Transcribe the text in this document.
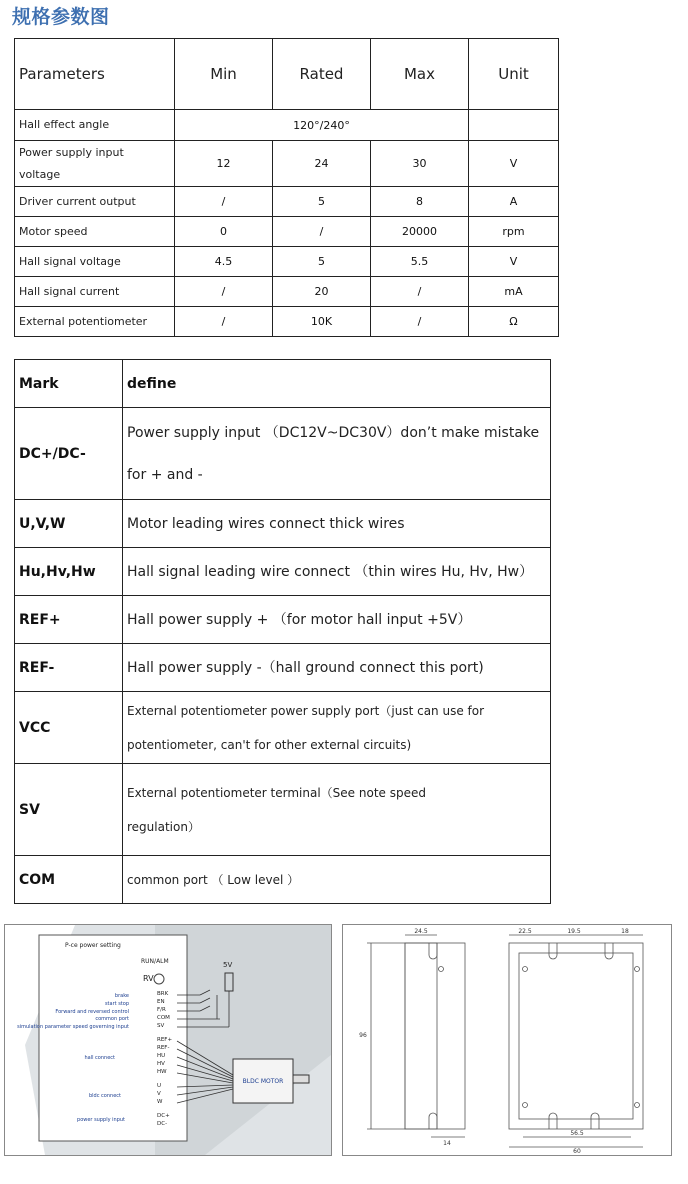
规格参数图
Parameters	Min	Rated	Max	Unit
Hall effect angle	120°/240°			

Power supply input
voltage	12	24	30	V
Driver current output	/	5	8	A
Motor speed	0	/	20000	rpm
Hall signal voltage	4.5	5	5.5	V
Hall signal current	/	20	/	mA
External potentiometer	/	10K	/	Ω
Mark	define
DC+/DC-	Power supply input （DC12V~DC30V）don’t make mistake
for + and -

U,V,W	Motor leading wires connect thick wires
Hu,Hv,Hw	Hall signal leading wire connect （thin wires Hu, Hv, Hw）
REF+	Hall power supply + （for motor hall input +5V）
REF-	Hall power supply -（hall ground connect this port)
VCC	External potentiometer power supply port（just can use for
potentiometer, can't for other external circuits)

SV	External potentiometer terminal（See note speed
regulation）

COM	common port （ Low level ）
P-ce power setting
RUN/ALM
RV
BRK
EN
F/R
COM
SV
REF+
REF-
HU
HV
HW
U
V
W
DC+
DC-
brake
start stop
Forward and reversed control
common port
simulation parameter speed governing input
hall connect
bldc connect
power supply input
5V
BLDC MOTOR
24.5	22.5	19.5	18
14
56.5
60
96
